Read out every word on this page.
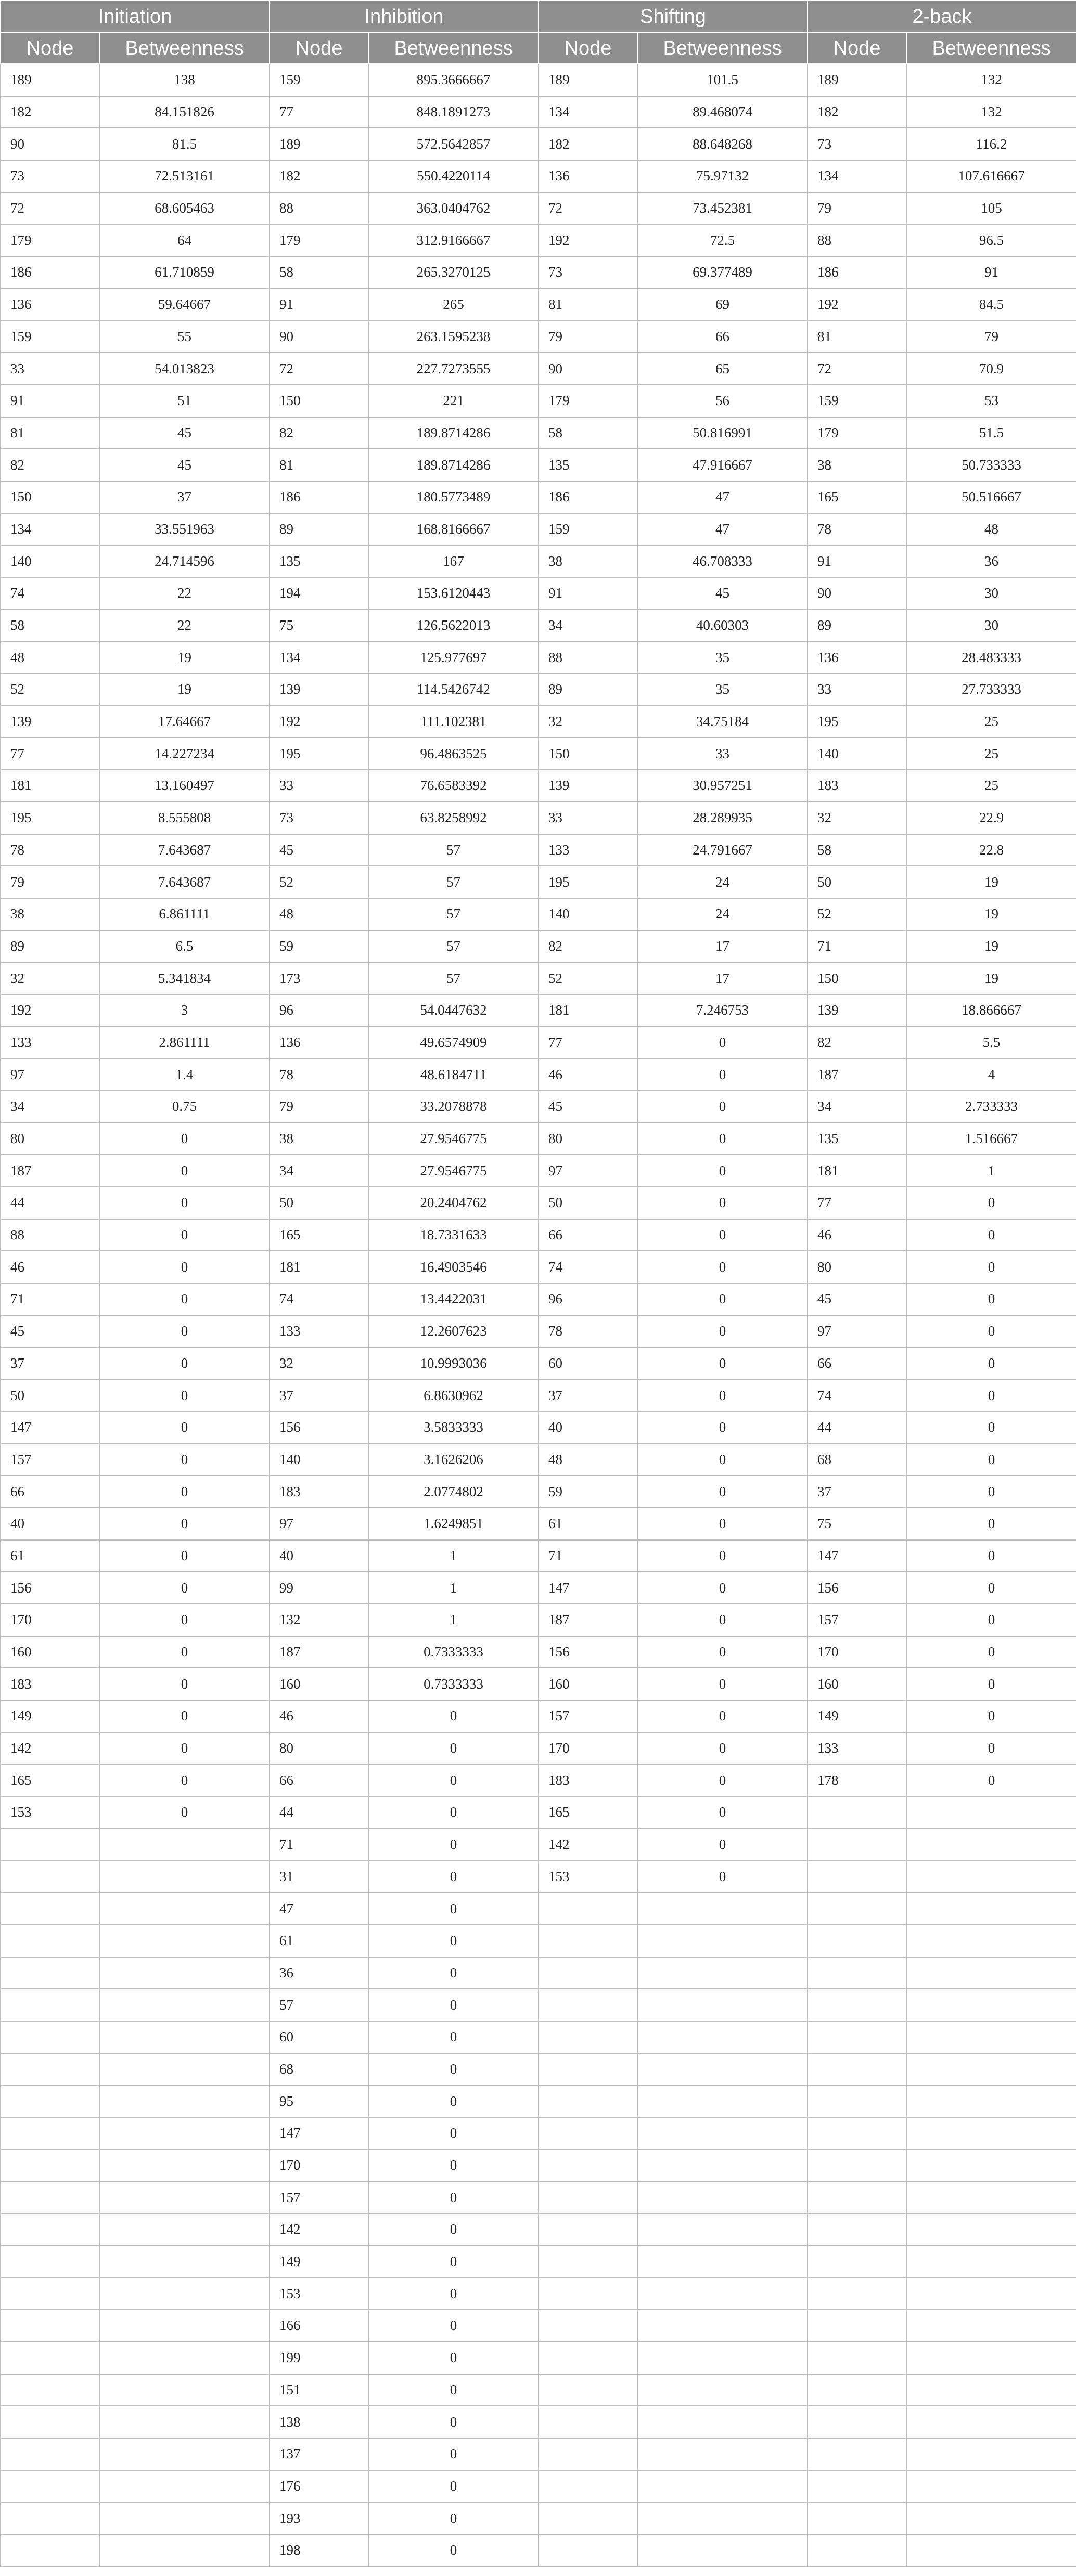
Initiation		Inhibition		Shifting		2-back	
Node	Betweenness	Node	Betweenness	Node	Betweenness	Node	Betweenness
189	138	159	895.3666667	189	101.5	189	132
182	84.151826	77	848.1891273	134	89.468074	182	132
90	81.5	189	572.5642857	182	88.648268	73	116.2
73	72.513161	182	550.4220114	136	75.97132	134	107.616667
72	68.605463	88	363.0404762	72	73.452381	79	105
179	64	179	312.9166667	192	72.5	88	96.5
186	61.710859	58	265.3270125	73	69.377489	186	91
136	59.64667	91	265	81	69	192	84.5
159	55	90	263.1595238	79	66	81	79
33	54.013823	72	227.7273555	90	65	72	70.9
91	51	150	221	179	56	159	53
81	45	82	189.8714286	58	50.816991	179	51.5
82	45	81	189.8714286	135	47.916667	38	50.733333
150	37	186	180.5773489	186	47	165	50.516667
134	33.551963	89	168.8166667	159	47	78	48
140	24.714596	135	167	38	46.708333	91	36
74	22	194	153.6120443	91	45	90	30
58	22	75	126.5622013	34	40.60303	89	30
48	19	134	125.977697	88	35	136	28.483333
52	19	139	114.5426742	89	35	33	27.733333
139	17.64667	192	111.102381	32	34.75184	195	25
77	14.227234	195	96.4863525	150	33	140	25
181	13.160497	33	76.6583392	139	30.957251	183	25
195	8.555808	73	63.8258992	33	28.289935	32	22.9
78	7.643687	45	57	133	24.791667	58	22.8
79	7.643687	52	57	195	24	50	19
38	6.861111	48	57	140	24	52	19
89	6.5	59	57	82	17	71	19
32	5.341834	173	57	52	17	150	19
192	3	96	54.0447632	181	7.246753	139	18.866667
133	2.861111	136	49.6574909	77	0	82	5.5
97	1.4	78	48.6184711	46	0	187	4
34	0.75	79	33.2078878	45	0	34	2.733333
80	0	38	27.9546775	80	0	135	1.516667
187	0	34	27.9546775	97	0	181	1
44	0	50	20.2404762	50	0	77	0
88	0	165	18.7331633	66	0	46	0
46	0	181	16.4903546	74	0	80	0
71	0	74	13.4422031	96	0	45	0
45	0	133	12.2607623	78	0	97	0
37	0	32	10.9993036	60	0	66	0
50	0	37	6.8630962	37	0	74	0
147	0	156	3.5833333	40	0	44	0
157	0	140	3.1626206	48	0	68	0
66	0	183	2.0774802	59	0	37	0
40	0	97	1.6249851	61	0	75	0
61	0	40	1	71	0	147	0
156	0	99	1	147	0	156	0
170	0	132	1	187	0	157	0
160	0	187	0.7333333	156	0	170	0
183	0	160	0.7333333	160	0	160	0
149	0	46	0	157	0	149	0
142	0	80	0	170	0	133	0
165	0	66	0	183	0	178	0
153	0	44	0	165	0		
		71	0	142	0		
		31	0	153	0		
		47	0				
		61	0				
		36	0				
		57	0				
		60	0				
		68	0				
		95	0				
		147	0				
		170	0				
		157	0				
		142	0				
		149	0				
		153	0				
		166	0				
		199	0				
		151	0				
		138	0				
		137	0				
		176	0				
		193	0				
		198	0				
